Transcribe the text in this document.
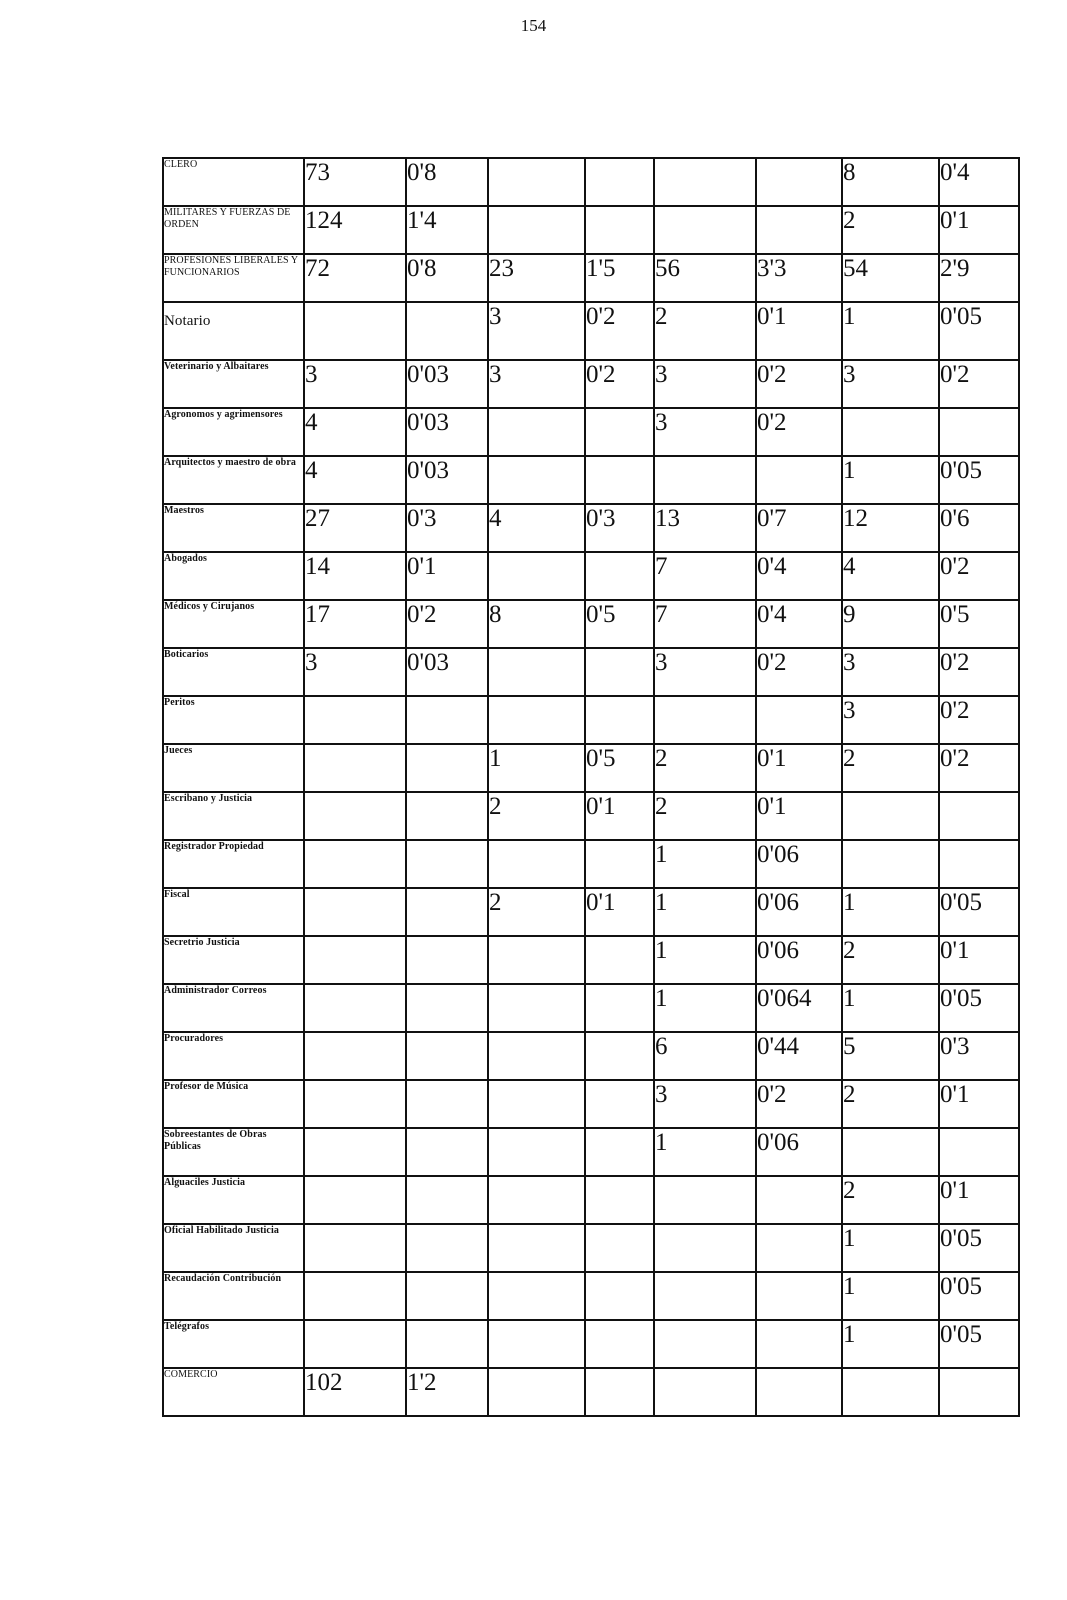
154
CLERO	73	0'8					8	0'4
MILITARES Y FUERZAS DE ORDEN	124	1'4					2	0'1
PROFESIONES LIBERALES Y FUNCIONARIOS	72	0'8	23	1'5	56	3'3	54	2'9
Notario			3	0'2	2	0'1	1	0'05
Veterinario y Albaitares	3	0'03	3	0'2	3	0'2	3	0'2
Agronomos y agrimensores	4	0'03			3	0'2		
Arquitectos y maestro de obra	4	0'03					1	0'05
Maestros	27	0'3	4	0'3	13	0'7	12	0'6
Abogados	14	0'1			7	0'4	4	0'2
Médicos y Cirujanos	17	0'2	8	0'5	7	0'4	9	0'5
Boticarios	3	0'03			3	0'2	3	0'2
Peritos							3	0'2
Jueces			1	0'5	2	0'1	2	0'2
Escribano y Justicia			2	0'1	2	0'1		
Registrador Propiedad					1	0'06		
Fiscal			2	0'1	1	0'06	1	0'05
Secretrio Justicia					1	0'06	2	0'1
Administrador Correos					1	0'064	1	0'05
Procuradores					6	0'44	5	0'3
Profesor de Música					3	0'2	2	0'1
Sobreestantes de Obras Públicas					1	0'06		
Alguaciles Justicia							2	0'1
Oficial Habilitado Justicia							1	0'05
Recaudación Contribución							1	0'05
Telégrafos							1	0'05
COMERCIO	102	1'2						
